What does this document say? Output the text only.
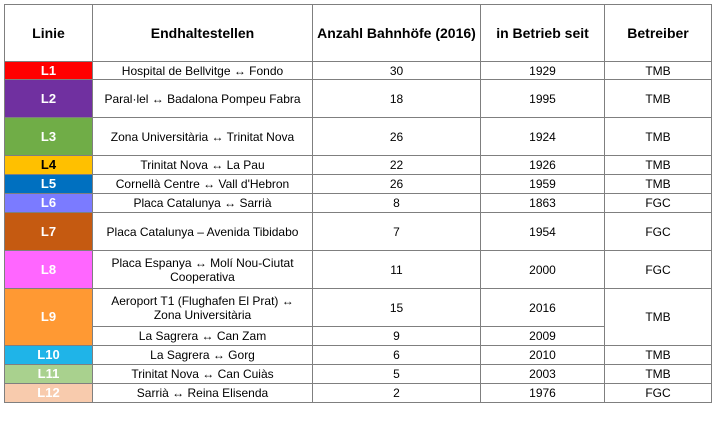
Linie	Endhaltestellen	Anzahl Bahnhöfe (2016)	in Betrieb seit	Betreiber
L1	Hospital de Bellvitge ↔ Fondo	30	1929	TMB
L2	Paral·lel ↔ Badalona Pompeu Fabra	18	1995	TMB
L3	Zona Universitària ↔ Trinitat Nova	26	1924	TMB
L4	Trinitat Nova ↔ La Pau	22	1926	TMB
L5	Cornellà Centre ↔ Vall d'Hebron	26	1959	TMB
L6	Placa Catalunya ↔ Sarrià	8	1863	FGC
L7	Placa Catalunya – Avenida Tibidabo	7	1954	FGC
L8	Placa Espanya ↔ Molí Nou-Ciutat Cooperativa	11	2000	FGC
L9	Aeroport T1 (Flughafen El Prat) ↔ Zona Universitària	15	2016	TMB
	La Sagrera ↔ Can Zam	9	2009	
L10	La Sagrera ↔ Gorg	6	2010	TMB
L11	Trinitat Nova ↔ Can Cuiàs	5	2003	TMB
L12	Sarrià ↔ Reina Elisenda	2	1976	FGC
